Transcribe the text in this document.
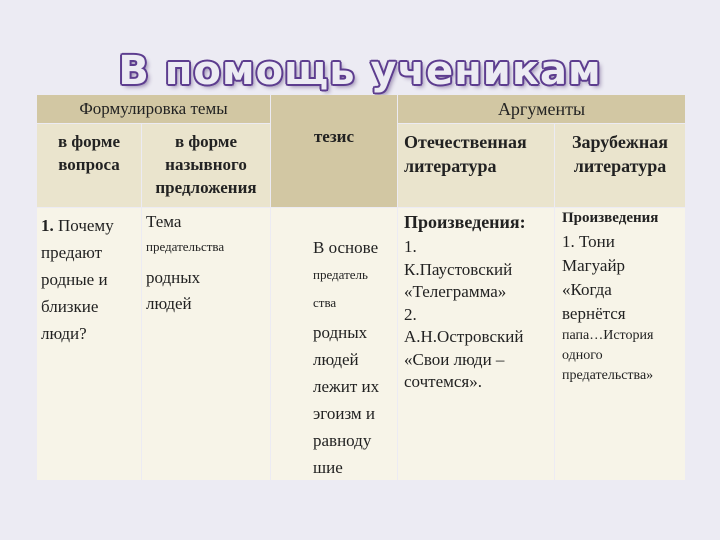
В помощь ученикам
Формулировка темы
тезис
Аргументы
в форме
вопроса
в форме
назывного
предложения
Отечественная
литература
Зарубежная
литература
1. Почему
предают
родные и
близкие
люди?
Тема
предательства
родных
людей
В основе
предатель
ства
родных
людей
лежит их
эгоизм и
равноду
шие
Произведения:
1.
К.Паустовский
«Телеграмма»
2.
А.Н.Островский
«Свои люди –
сочтемся».
Произведения
1. Тони
Магуайр
«Когда
вернётся
папа…История
одного
предательства»
